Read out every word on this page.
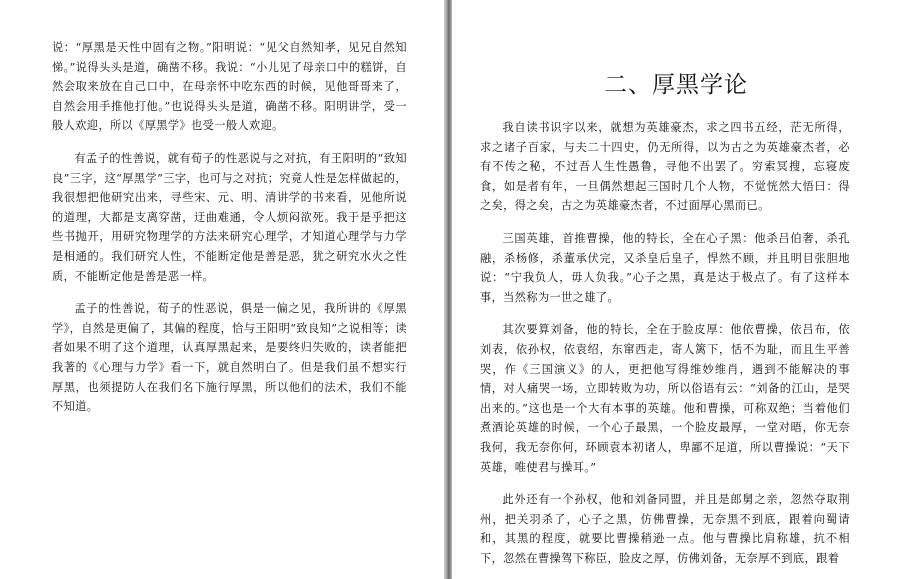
说：“厚黑是天性中固有之物。”阳明说：“见父自然知孝，见兄自然知悌。”说得头头是道，确凿不移。我说：“小儿见了母亲口中的糕饼，自然会取来放在自己口中，在母亲怀中吃东西的时候，见他哥哥来了，自然会用手推他打他。”也说得头头是道，确凿不移。阳明讲学，受一般人欢迎，所以《厚黑学》也受一般人欢迎。

有孟子的性善说，就有荀子的性恶说与之对抗，有王阳明的“致知良”三字，这“厚黑学”三字，也可与之对抗；究竟人性是怎样做起的，我很想把他研究出来，寻些宋、元、明、清讲学的书来看，见他所说的道理，大都是支离穿凿，迂曲难通，令人烦闷欲死。我于是乎把这些书抛开，用研究物理学的方法来研究心理学，才知道心理学与力学是相通的。我们研究人性，不能断定他是善是恶，犹之研究水火之性质，不能断定他是善是恶一样。

孟子的性善说，荀子的性恶说，俱是一偏之见，我所讲的《厚黑学》，自然是更偏了，其偏的程度，恰与王阳明“致良知”之说相等；读者如果不明了这个道理，认真厚黑起来，是要终归失败的，读者能把我著的《心理与力学》看一下，就自然明白了。但是我们虽不想实行厚黑，也须提防人在我们名下施行厚黑，所以他们的法术，我们不能不知道。

二、厚黑学论

我自读书识字以来，就想为英雄豪杰，求之四书五经，茫无所得，求之诸子百家，与夫二十四史，仍无所得，以为古之为英雄豪杰者，必有不传之秘，不过吾人生性愚鲁，寻他不出罢了。穷索冥搜，忘寝废食，如是者有年，一旦偶然想起三国时几个人物，不觉恍然大悟曰：得之矣，得之矣，古之为英雄豪杰者，不过面厚心黑而已。

三国英雄，首推曹操，他的特长，全在心子黑：他杀吕伯奢，杀孔融，杀杨修，杀董承伏完，又杀皇后皇子，悍然不顾，并且明目张胆地说：“宁我负人，毋人负我。”心子之黑，真是达于极点了。有了这样本事，当然称为一世之雄了。

其次要算刘备，他的特长，全在于脸皮厚：他依曹操，依吕布，依刘表，依孙权，依袁绍，东窜西走，寄人篱下，恬不为耻，而且生平善哭，作《三国演义》的人，更把他写得维妙维肖，遇到不能解决的事情，对人痛哭一场，立即转败为功，所以俗语有云：“刘备的江山，是哭出来的。”这也是一个大有本事的英雄。他和曹操，可称双绝；当着他们煮酒论英雄的时候，一个心子最黑，一个脸皮最厚，一堂对晤，你无奈我何，我无奈你何，环顾袁本初诸人，卑鄙不足道，所以曹操说：“天下英雄，唯使君与操耳。”

此外还有一个孙权，他和刘备同盟，并且是郎舅之亲，忽然夺取荆州，把关羽杀了，心子之黑，仿佛曹操，无奈黑不到底，跟着向蜀请和，其黑的程度，就要比曹操稍逊一点。他与曹操比肩称雄，抗不相下，忽然在曹操驾下称臣，脸皮之厚，仿佛刘备，无奈厚不到底，跟着
